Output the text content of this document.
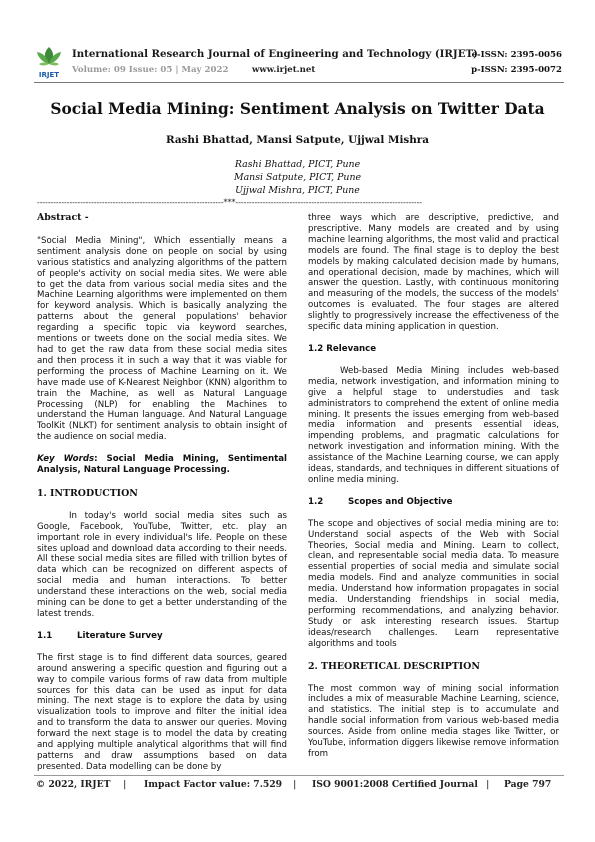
IRJET
International Research Journal of Engineering and Technology (IRJET)
Volume: 09 Issue: 05 | May 2022	www.irjet.net
e-ISSN: 2395-0056
p-ISSN: 2395-0072
Social Media Mining: Sentiment Analysis on Twitter Data
Rashi Bhattad, Mansi Satpute, Ujjwal Mishra
Rashi Bhattad, PICT, Pune
Mansi Satpute, PICT, Pune
Ujjwal Mishra, PICT, Pune
---------------------------------------------------------------------***---------------------------------------------------------------------

Abstract -

"Social Media Mining", Which essentially means a sentiment analysis done on people on social by using various statistics and analyzing algorithms of the pattern of people's activity on social media sites. We were able to get the data from various social media sites and the Machine Learning algorithms were implemented on them for keyword analysis. Which is basically analyzing the patterns about the general populations' behavior regarding a specific topic via keyword searches, mentions or tweets done on the social media sites. We had to get the raw data from these social media sites and then process it in such a way that it was viable for performing the process of Machine Learning on it. We have made use of K-Nearest Neighbor (KNN) algorithm to train the Machine, as well as Natural Language Processing (NLP) for enabling the Machines to understand the Human language. And Natural Language ToolKit (NLKT) for sentiment analysis to obtain insight of the audience on social media.

Key Words: Social Media Mining, Sentimental Analysis, Natural Language Processing.

1. INTRODUCTION

In today's world social media sites such as Google, Facebook, YouTube, Twitter, etc. play an important role in every individual's life. People on these sites upload and download data according to their needs. All these social media sites are filled with trillion bytes of data which can be recognized on different aspects of social media and human interactions. To better understand these interactions on the web, social media mining can be done to get a better understanding of the latest trends.

1.1	Literature Survey

The first stage is to find different data sources, geared around answering a specific question and figuring out a way to compile various forms of raw data from multiple sources for this data can be used as input for data mining. The next stage is to explore the data by using visualization tools to improve and filter the initial idea and to transform the data to answer our queries. Moving forward the next stage is to model the data by creating and applying multiple analytical algorithms that will find patterns and draw assumptions based on data presented. Data modelling can be done by

three ways which are descriptive, predictive, and prescriptive. Many models are created and by using machine learning algorithms, the most valid and practical models are found. The final stage is to deploy the best models by making calculated decision made by humans, and operational decision, made by machines, which will answer the question. Lastly, with continuous monitoring and measuring of the models, the success of the models' outcomes is evaluated. The four stages are altered slightly to progressively increase the effectiveness of the specific data mining application in question.

1.2 Relevance

Web-based Media Mining includes web-based media, network investigation, and information mining to give a helpful stage to understudies and task administrators to comprehend the extent of online media mining. It presents the issues emerging from web-based media information and presents essential ideas, impending problems, and pragmatic calculations for network investigation and information mining. With the assistance of the Machine Learning course, we can apply ideas, standards, and techniques in different situations of online media mining.

1.2	Scopes and Objective

The scope and objectives of social media mining are to: Understand social aspects of the Web with Social Theories, Social media and Mining. Learn to collect, clean, and representable social media data. To measure essential properties of social media and simulate social media models. Find and analyze communities in social media. Understand how information propagates in social media. Understanding friendships in social media, performing recommendations, and analyzing behavior. Study or ask interesting research issues. Startup ideas/research challenges. Learn representative algorithms and tools

2. THEORETICAL DESCRIPTION

The most common way of mining social information includes a mix of measurable Machine Learning, science, and statistics. The initial step is to accumulate and handle social information from various web-based media sources. Aside from online media stages like Twitter, or YouTube, information diggers likewise remove information from

© 2022, IRJET | Impact Factor value: 7.529 | ISO 9001:2008 Certified Journal | Page 797
